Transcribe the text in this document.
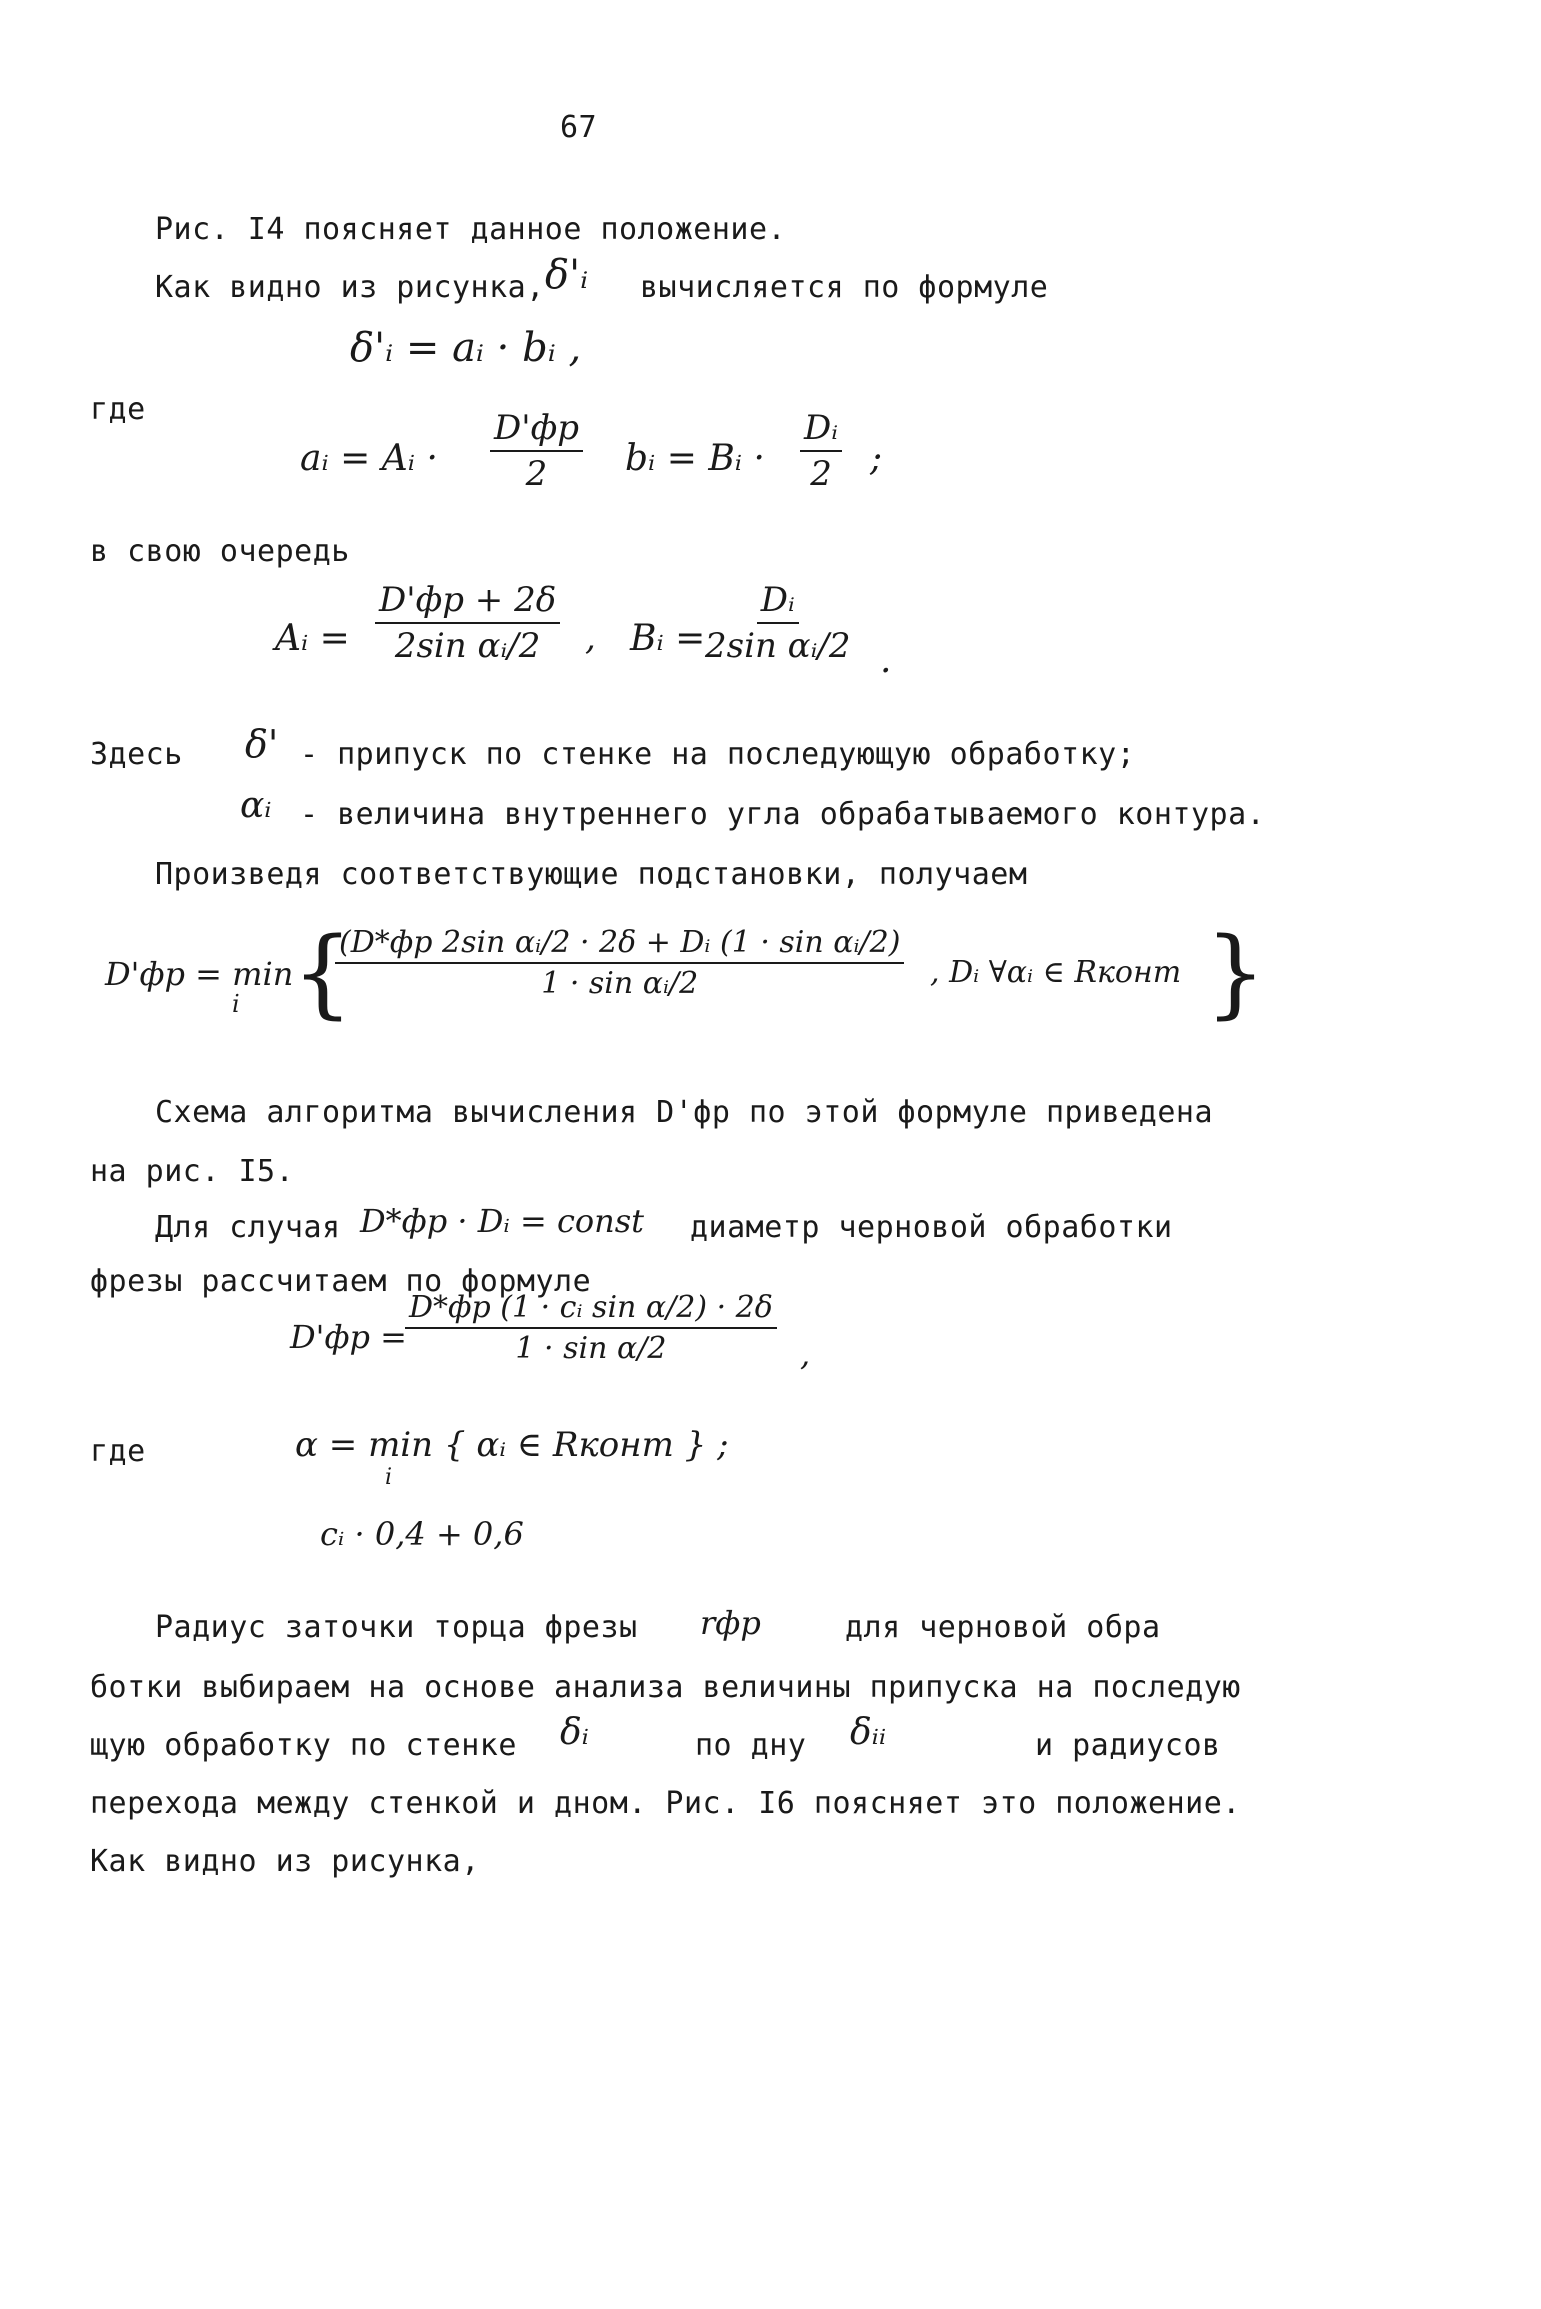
67
Рис. I4 поясняет данное положение.
Как видно из рисунка, δ'ᵢ вычисляется по формуле
δ'ᵢ = aᵢ · bᵢ ,
где
aᵢ = Aᵢ ·
D'фр
2 bᵢ = Bᵢ · $\frac{\text{Dᵢ}}{2}$ ;
в свою очередь
Aᵢ =
D'фр + 2δ
2sin αᵢ/2 , Bᵢ = $\frac{\text{Dᵢ}}{\text{2sin αᵢ/2}}$ .
Здесь δ' - припуск по стенке на последующую обработку;
αᵢ - величина внутреннего угла обрабатываемого контура.
Произведя соответствующие подстановки, получаем
D'фр = min
i {
(D*фр 2sin αᵢ/2 · 2δ + Dᵢ (1 · sin αᵢ/2)
1 · sin αᵢ/2	, Dᵢ ∀αᵢ ∈ Rконт }
Схема алгоритма вычисления D'фр по этой формуле приведена
на рис. I5.
Для случая D*фр · Dᵢ = const диаметр черновой обработки
фрезы рассчитаем по формуле
D'фр =
D*фр (1 · cᵢ sin α/2) · 2δ
1 · sin α/2	,
где	α = min { αᵢ ∈ Rконт } ;
i
cᵢ · 0,4 + 0,6
Радиус заточки торца фрезы rфр	для черновой обра
ботки выбираем на основе анализа величины припуска на последую
щую обработку по стенке δᵢ	по дну δᵢᵢ	и радиусов
перехода между стенкой и дном. Рис. I6 поясняет это положение.
Как видно из рисунка,
